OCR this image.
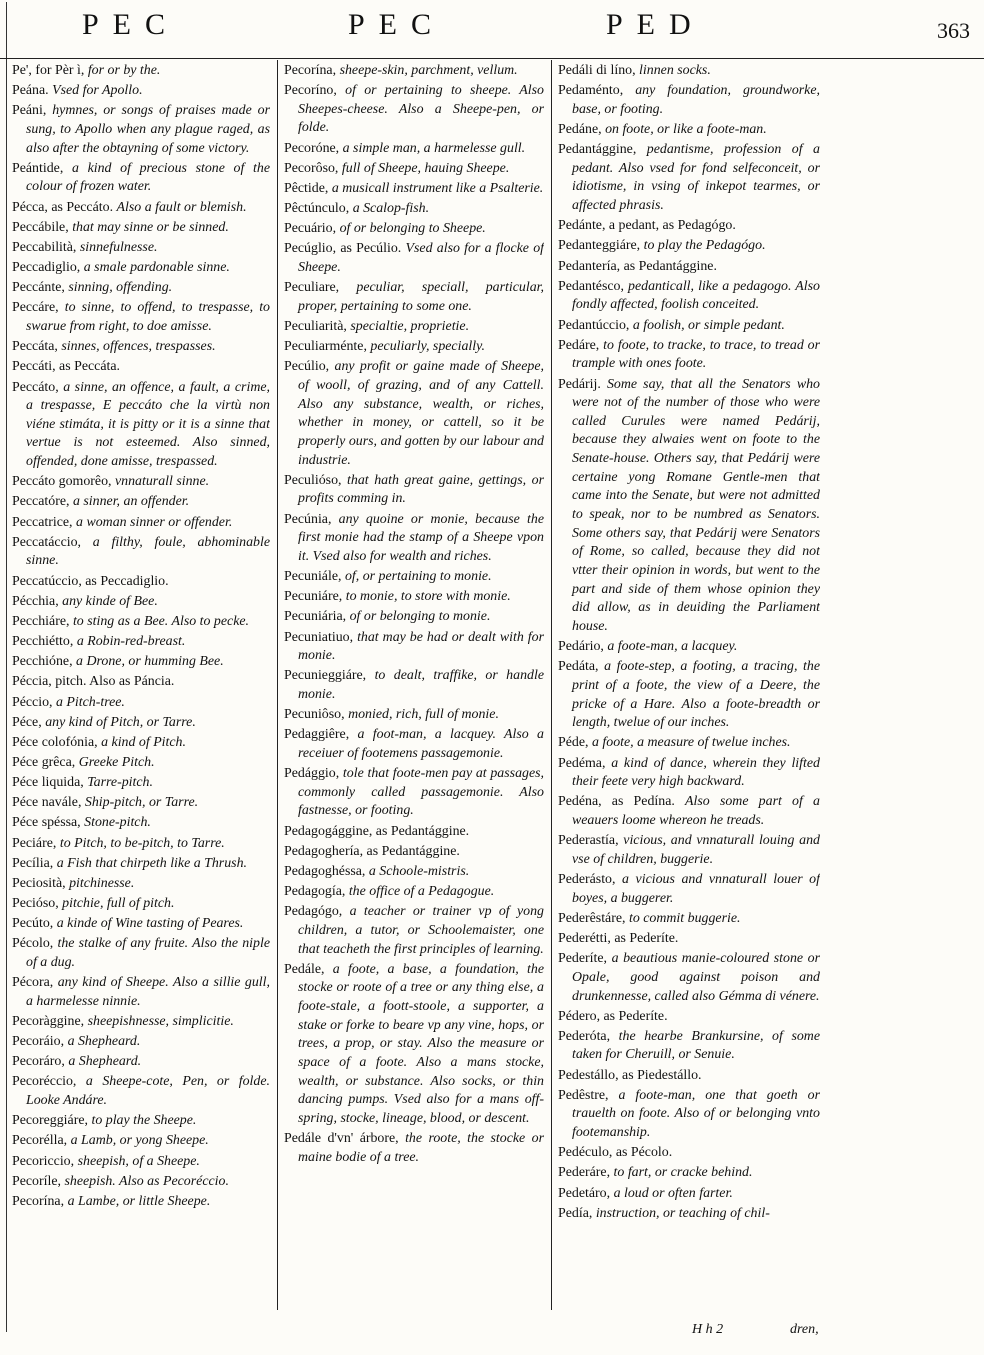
PEC	PEC	PED	363

Pe', for Pèr ì, for or by the.

Peána. Vsed for Apollo.

Peáni, hymnes, or songs of praises made or sung, to Apollo when any plague raged, as also after the obtayning of some victory.

Peántide, a kind of precious stone of the colour of frozen water.

Pécca, as Peccáto. Also a fault or blemish.

Peccábile, that may sinne or be sinned.

Peccabilità, sinnefulnesse.

Peccadiglio, a smale pardonable sinne.

Peccánte, sinning, offending.

Peccáre, to sinne, to offend, to trespasse, to swarue from right, to doe amisse.

Peccáta, sinnes, offences, trespasses.

Peccáti, as Peccáta.

Peccáto, a sinne, an offence, a fault, a crime, a trespasse, E peccáto che la virtù non viéne stimáta, it is pitty or it is a sinne that vertue is not esteemed. Also sinned, offended, done amisse, trespassed.

Peccáto gomorêo, vnnaturall sinne.

Peccatóre, a sinner, an offender.

Peccatrice, a woman sinner or offender.

Peccatáccio, a filthy, foule, abhominable sinne.

Peccatúccio, as Peccadiglio.

Pécchia, any kinde of Bee.

Pecchiáre, to sting as a Bee. Also to pecke.

Pecchiétto, a Robin-red-breast.

Pecchióne, a Drone, or humming Bee.

Péccia, pitch. Also as Páncia.

Péccio, a Pitch-tree.

Péce, any kind of Pitch, or Tarre.

Péce colofónia, a kind of Pitch.

Péce grêca, Greeke Pitch.

Péce liquida, Tarre-pitch.

Péce navále, Ship-pitch, or Tarre.

Péce spéssa, Stone-pitch.

Peciáre, to Pitch, to be-pitch, to Tarre.

Pecília, a Fish that chirpeth like a Thrush.

Peciosità, pitchinesse.

Pecióso, pitchie, full of pitch.

Pecúto, a kinde of Wine tasting of Peares.

Pécolo, the stalke of any fruite. Also the niple of a dug.

Pécora, any kind of Sheepe. Also a sillie gull, a harmelesse ninnie.

Pecoràggine, sheepishnesse, simplicitie.

Pecoráio, a Shepheard.

Pecoráro, a Shepheard.

Pecoréccio, a Sheepe-cote, Pen, or folde. Looke Andáre.

Pecoreggiáre, to play the Sheepe.

Pecorélla, a Lamb, or yong Sheepe.

Pecoriccio, sheepish, of a Sheepe.

Pecoríle, sheepish. Also as Pecoréccio.

Pecorína, a Lambe, or little Sheepe.

Pecorína, sheepe-skin, parchment, vellum.

Pecoríno, of or pertaining to sheepe. Also Sheepes-cheese. Also a Sheepe-pen, or folde.

Pecoróne, a simple man, a harmelesse gull.

Pecorôso, full of Sheepe, hauing Sheepe.

Pêctide, a musicall instrument like a Psalterie.

Pêctúnculo, a Scalop-fish.

Pecuário, of or belonging to Sheepe.

Pecúglio, as Pecúlio. Vsed also for a flocke of Sheepe.

Peculiare, peculiar, speciall, particular, proper, pertaining to some one.

Peculiarità, specialtie, proprietie.

Peculiarménte, peculiarly, specially.

Pecúlio, any profit or gaine made of Sheepe, of wooll, of grazing, and of any Cattell. Also any substance, wealth, or riches, whether in money, or cattell, so it be properly ours, and gotten by our labour and industrie.

Peculióso, that hath great gaine, gettings, or profits comming in.

Pecúnia, any quoine or monie, because the first monie had the stamp of a Sheepe vpon it. Vsed also for wealth and riches.

Pecuniále, of, or pertaining to monie.

Pecuniáre, to monie, to store with monie.

Pecuniária, of or belonging to monie.

Pecuniatiuo, that may be had or dealt with for monie.

Pecunieggiáre, to dealt, traffike, or handle monie.

Pecuniôso, monied, rich, full of monie.

Pedaggiêre, a foot-man, a lacquey. Also a receiuer of footemens passagemonie.

Pedággio, tole that foote-men pay at passages, commonly called passagemonie. Also fastnesse, or footing.

Pedagogággine, as Pedantággine.

Pedagoghería, as Pedantággine.

Pedagoghéssa, a Schoole-mistris.

Pedagogía, the office of a Pedagogue.

Pedagógo, a teacher or trainer vp of yong children, a tutor, or Schoolemaister, one that teacheth the first principles of learning.

Pedále, a foote, a base, a foundation, the stocke or roote of a tree or any thing else, a foote-stale, a foott-stoole, a supporter, a stake or forke to beare vp any vine, hops, or trees, a prop, or stay. Also the measure or space of a foote. Also a mans stocke, wealth, or substance. Also socks, or thin dancing pumps. Vsed also for a mans off-spring, stocke, lineage, blood, or descent.

Pedále d'vn' árbore, the roote, the stocke or maine bodie of a tree.

Pedáli di líno, linnen socks.

Pedaménto, any foundation, groundworke, base, or footing.

Pedáne, on foote, or like a foote-man.

Pedantággine, pedantisme, profession of a pedant. Also vsed for fond selfeconceit, or idiotisme, in vsing of inkepot tearmes, or affected phrasis.

Pedánte, a pedant, as Pedagógo.

Pedanteggiáre, to play the Pedagógo.

Pedantería, as Pedantággine.

Pedantésco, pedanticall, like a pedagogo. Also fondly affected, foolish conceited.

Pedantúccio, a foolish, or simple pedant.

Pedáre, to foote, to tracke, to trace, to tread or trample with ones foote.

Pedárij. Some say, that all the Senators who were not of the number of those who were called Curules were named Pedárij, because they alwaies went on foote to the Senate-house. Others say, that Pedárij were certaine yong Romane Gentle-men that came into the Senate, but were not admitted to speak, nor to be numbred as Senators. Some others say, that Pedárij were Senators of Rome, so called, because they did not vtter their opinion in words, but went to the part and side of them whose opinion they did allow, as in deuiding the Parliament house.

Pedário, a foote-man, a lacquey.

Pedáta, a foote-step, a footing, a tracing, the print of a foote, the view of a Deere, the pricke of a Hare. Also a foote-breadth or length, twelue of our inches.

Péde, a foote, a measure of twelue inches.

Pedéma, a kind of dance, wherein they lifted their feete very high backward.

Pedéna, as Pedína. Also some part of a weauers loome whereon he treads.

Pederastía, vicious, and vnnaturall louing and vse of children, buggerie.

Pederásto, a vicious and vnnaturall louer of boyes, a buggerer.

Pederêstáre, to commit buggerie.

Pederétti, as Pederíte.

Pederíte, a beautious manie-coloured stone or Opale, good against poison and drunkennesse, called also Gémma di vénere.

Pédero, as Pederíte.

Pederóta, the hearbe Brankursine, of some taken for Cheruill, or Senuie.

Pedestállo, as Piedestállo.

Pedêstre, a foote-man, one that goeth or trauelth on foote. Also of or belonging vnto footemanship.

Pedéculo, as Pécolo.

Pederáre, to fart, or cracke behind.

Pedetáro, a loud or often farter.

Pedía, instruction, or teaching of chil-

H h 2	dren,
